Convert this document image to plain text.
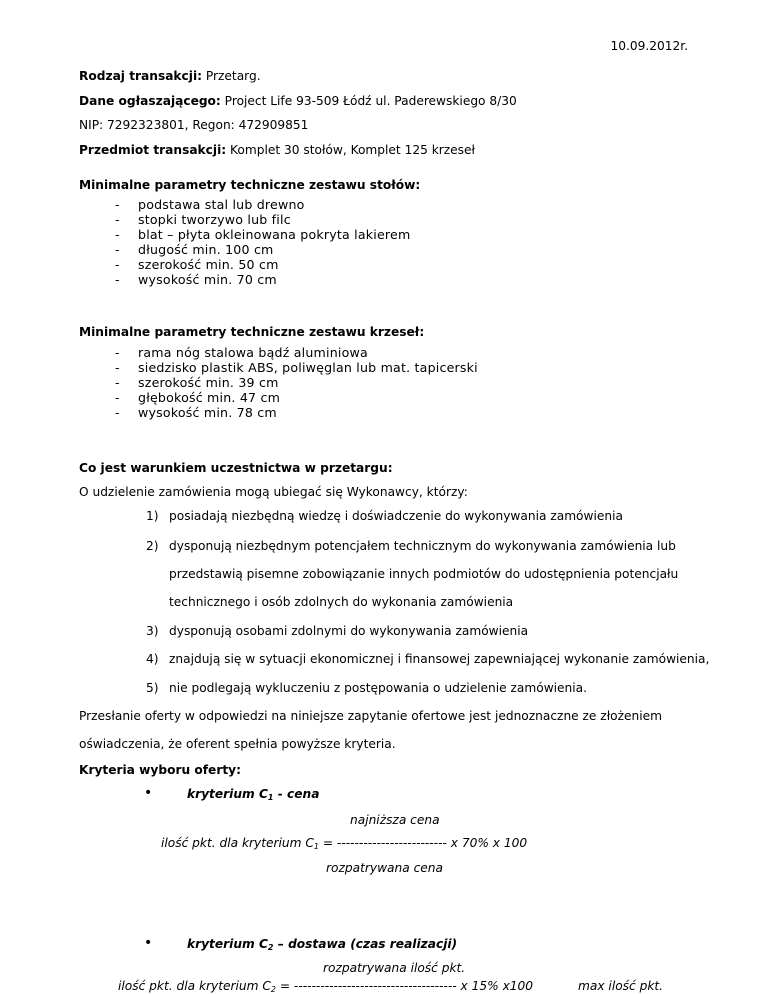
10.09.2012r.
Rodzaj transakcji: Przetarg.
Dane ogłaszającego: Project Life 93-509 Łódź ul. Paderewskiego 8/30
NIP: 7292323801, Regon: 472909851
Przedmiot transakcji: Komplet 30 stołów, Komplet 125 krzeseł
Minimalne parametry techniczne zestawu stołów:
- podstawa stal lub drewno
- stopki tworzywo lub filc
- blat – płyta okleinowana pokryta lakierem
- długość min. 100 cm
- szerokość min. 50 cm
- wysokość min. 70 cm
Minimalne parametry techniczne zestawu krzeseł:
- rama nóg stalowa bądź aluminiowa
- siedzisko plastik ABS, poliwęglan lub mat. tapicerski
- szerokość min. 39 cm
- głębokość min. 47 cm
- wysokość min. 78 cm
Co jest warunkiem uczestnictwa w przetargu:
O udzielenie zamówienia mogą ubiegać się Wykonawcy, którzy:
1) posiadają niezbędną wiedzę i doświadczenie do wykonywania zamówienia
2) dysponują niezbędnym potencjałem technicznym do wykonywania zamówienia lub
przedstawią pisemne zobowiązanie innych podmiotów do udostępnienia potencjału
technicznego i osób zdolnych do wykonania zamówienia
3) dysponują osobami zdolnymi do wykonywania zamówienia
4) znajdują się w sytuacji ekonomicznej i finansowej zapewniającej wykonanie zamówienia,
5) nie podlegają wykluczeniu z postępowania o udzielenie zamówienia.
Przesłanie oferty w odpowiedzi na niniejsze zapytanie ofertowe jest jednoznaczne ze złożeniem
oświadczenia, że oferent spełnia powyższe kryteria.
Kryteria wyboru oferty:
•	kryterium $C_1$ - cena
najniższa cena
ilość pkt. dla kryterium $C_1$ = ------------------------- x 70% x 100
rozpatrywana cena
•	kryterium $C_2$ – dostawa (czas realizacji)
rozpatrywana ilość pkt.
ilość pkt. dla kryterium $C_2$ = ------------------------------------- x 15% x100	max ilość pkt.
